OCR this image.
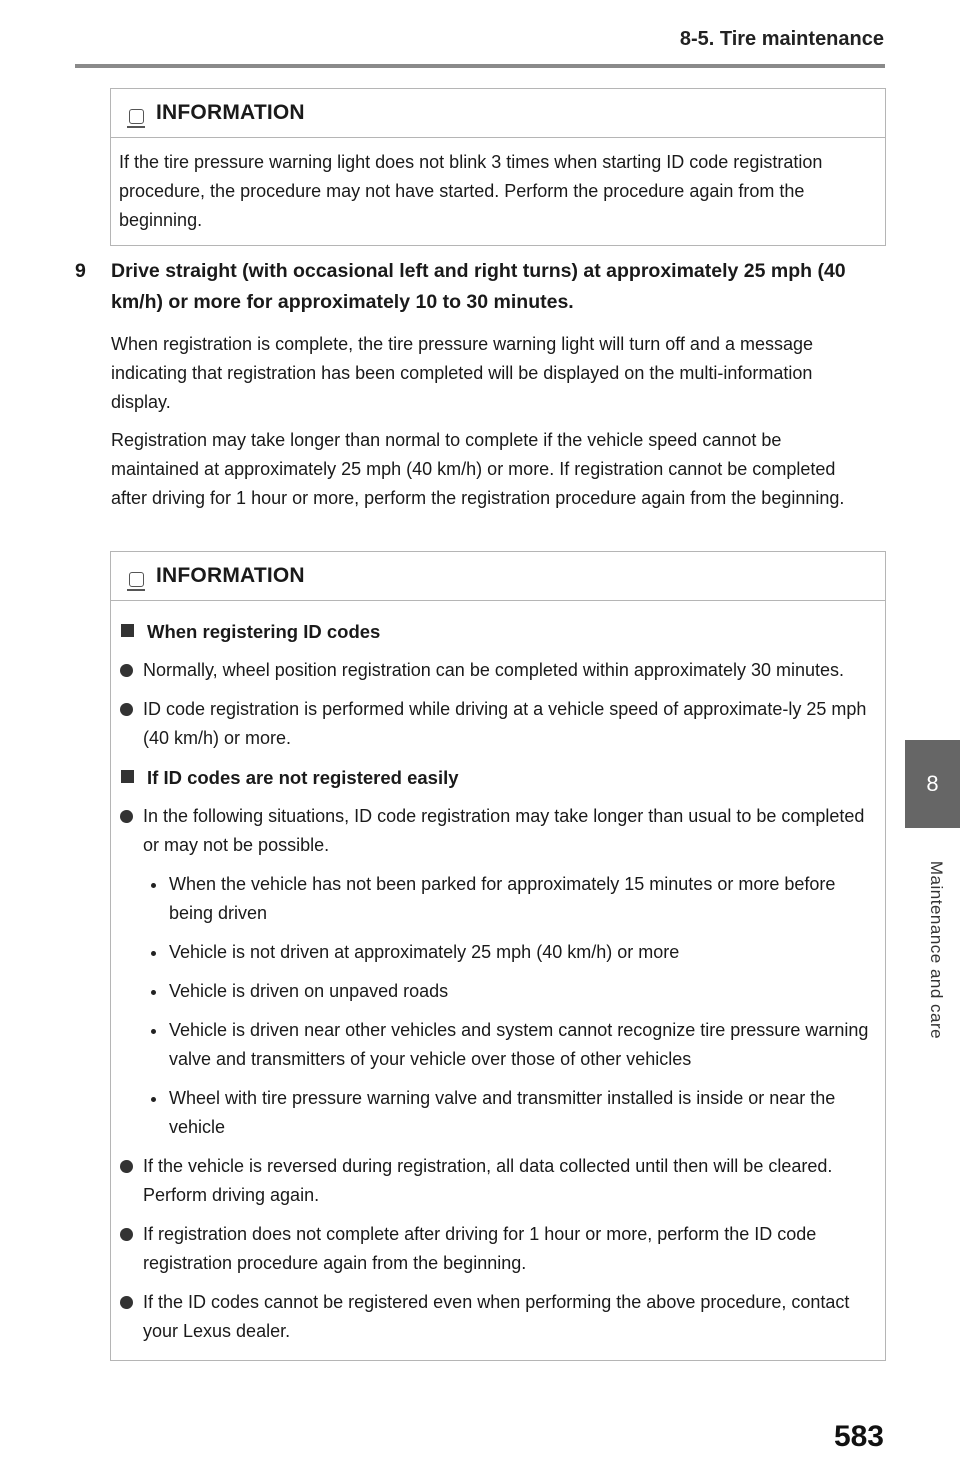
8-5. Tire maintenance
INFORMATION
If the tire pressure warning light does not blink 3 times when starting ID code registration procedure, the procedure may not have started. Perform the procedure again from the beginning.
9	Drive straight (with occasional left and right turns) at approximately 25 mph (40 km/h) or more for approximately 10 to 30 minutes.
When registration is complete, the tire pressure warning light will turn off and a message indicating that registration has been completed will be displayed on the multi-information display.
Registration may take longer than normal to complete if the vehicle speed cannot be maintained at approximately 25 mph (40 km/h) or more. If registration cannot be completed after driving for 1 hour or more, perform the registration procedure again from the beginning.
INFORMATION
When registering ID codes
Normally, wheel position registration can be completed within approximately 30 minutes.
ID code registration is performed while driving at a vehicle speed of approximate-ly 25 mph (40 km/h) or more.
If ID codes are not registered easily
In the following situations, ID code registration may take longer than usual to be completed or may not be possible.
When the vehicle has not been parked for approximately 15 minutes or more before being driven
Vehicle is not driven at approximately 25 mph (40 km/h) or more
Vehicle is driven on unpaved roads
Vehicle is driven near other vehicles and system cannot recognize tire pressure warning valve and transmitters of your vehicle over those of other vehicles
Wheel with tire pressure warning valve and transmitter installed is inside or near the vehicle
If the vehicle is reversed during registration, all data collected until then will be cleared. Perform driving again.
If registration does not complete after driving for 1 hour or more, perform the ID code registration procedure again from the beginning.
If the ID codes cannot be registered even when performing the above procedure, contact your Lexus dealer.
8
Maintenance and care
583
